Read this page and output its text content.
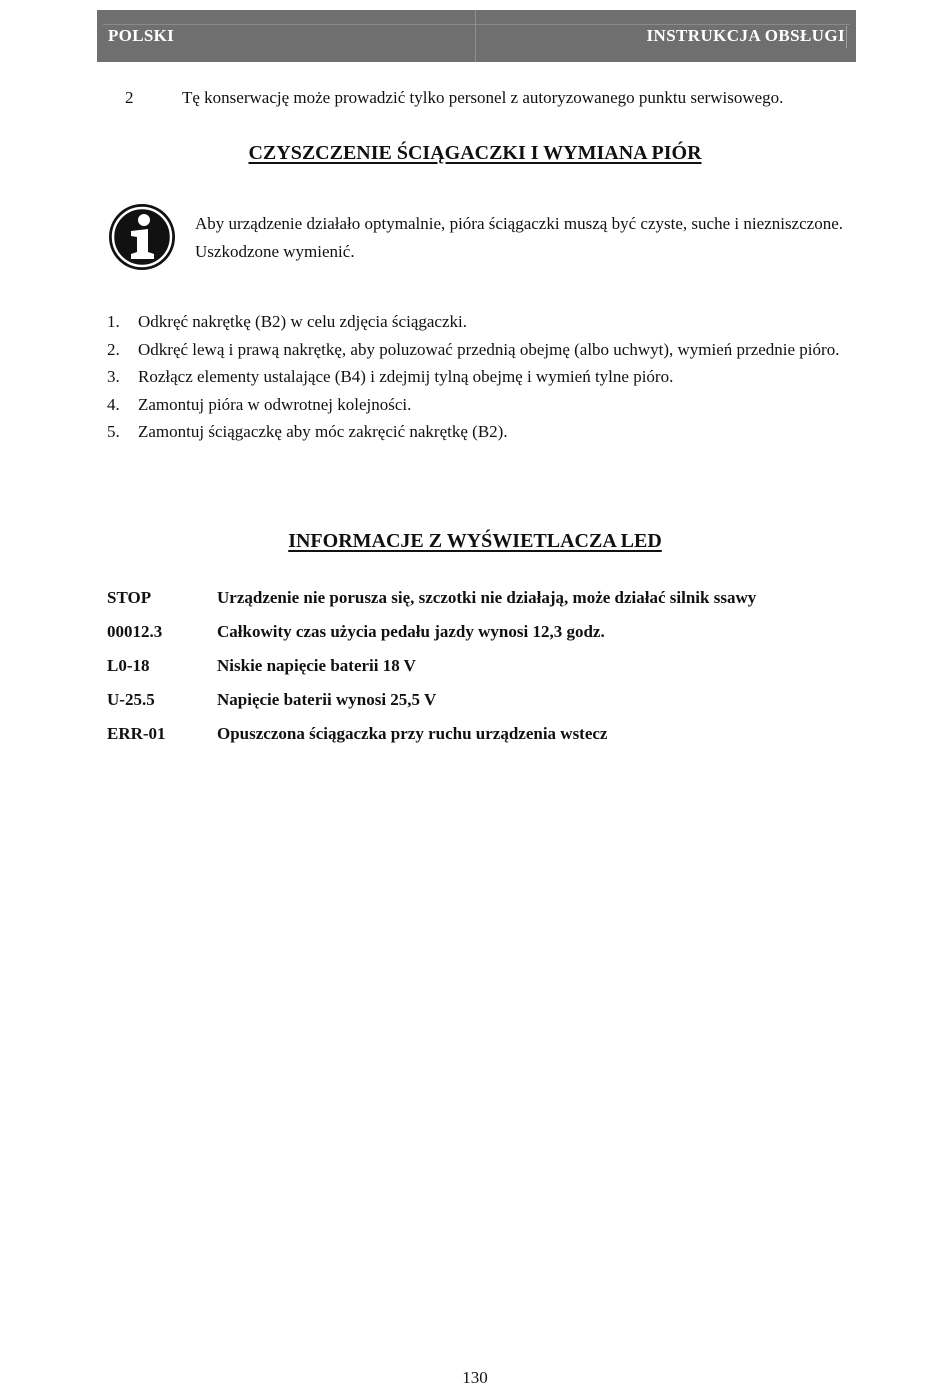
POLSKI	INSTRUKCJA OBSŁUGI
2	Tę konserwację może prowadzić tylko personel z autoryzowanego punktu serwisowego.
CZYSZCZENIE ŚCIĄGACZKI I WYMIANA PIÓR
Aby urządzenie działało optymalnie, pióra ściągaczki muszą być czyste, suche i niezniszczone. Uszkodzone wymienić.
1. Odkręć nakrętkę (B2) w celu zdjęcia ściągaczki.
2. Odkręć lewą i prawą nakrętkę, aby poluzować przednią obejmę (albo uchwyt), wymień przednie pióro.
3. Rozłącz elementy ustalające (B4) i zdejmij tylną obejmę i wymień tylne pióro.
4. Zamontuj pióra w odwrotnej kolejności.
5. Zamontuj ściągaczkę aby móc zakręcić nakrętkę (B2).
INFORMACJE Z WYŚWIETLACZA LED
STOP	Urządzenie nie porusza się, szczotki nie działają, może działać silnik ssawy
00012.3	Całkowity czas użycia pedału jazdy wynosi 12,3 godz.
L0-18	Niskie napięcie baterii 18 V
U-25.5	Napięcie baterii wynosi 25,5 V
ERR-01	Opuszczona ściągaczka przy ruchu urządzenia wstecz
130
